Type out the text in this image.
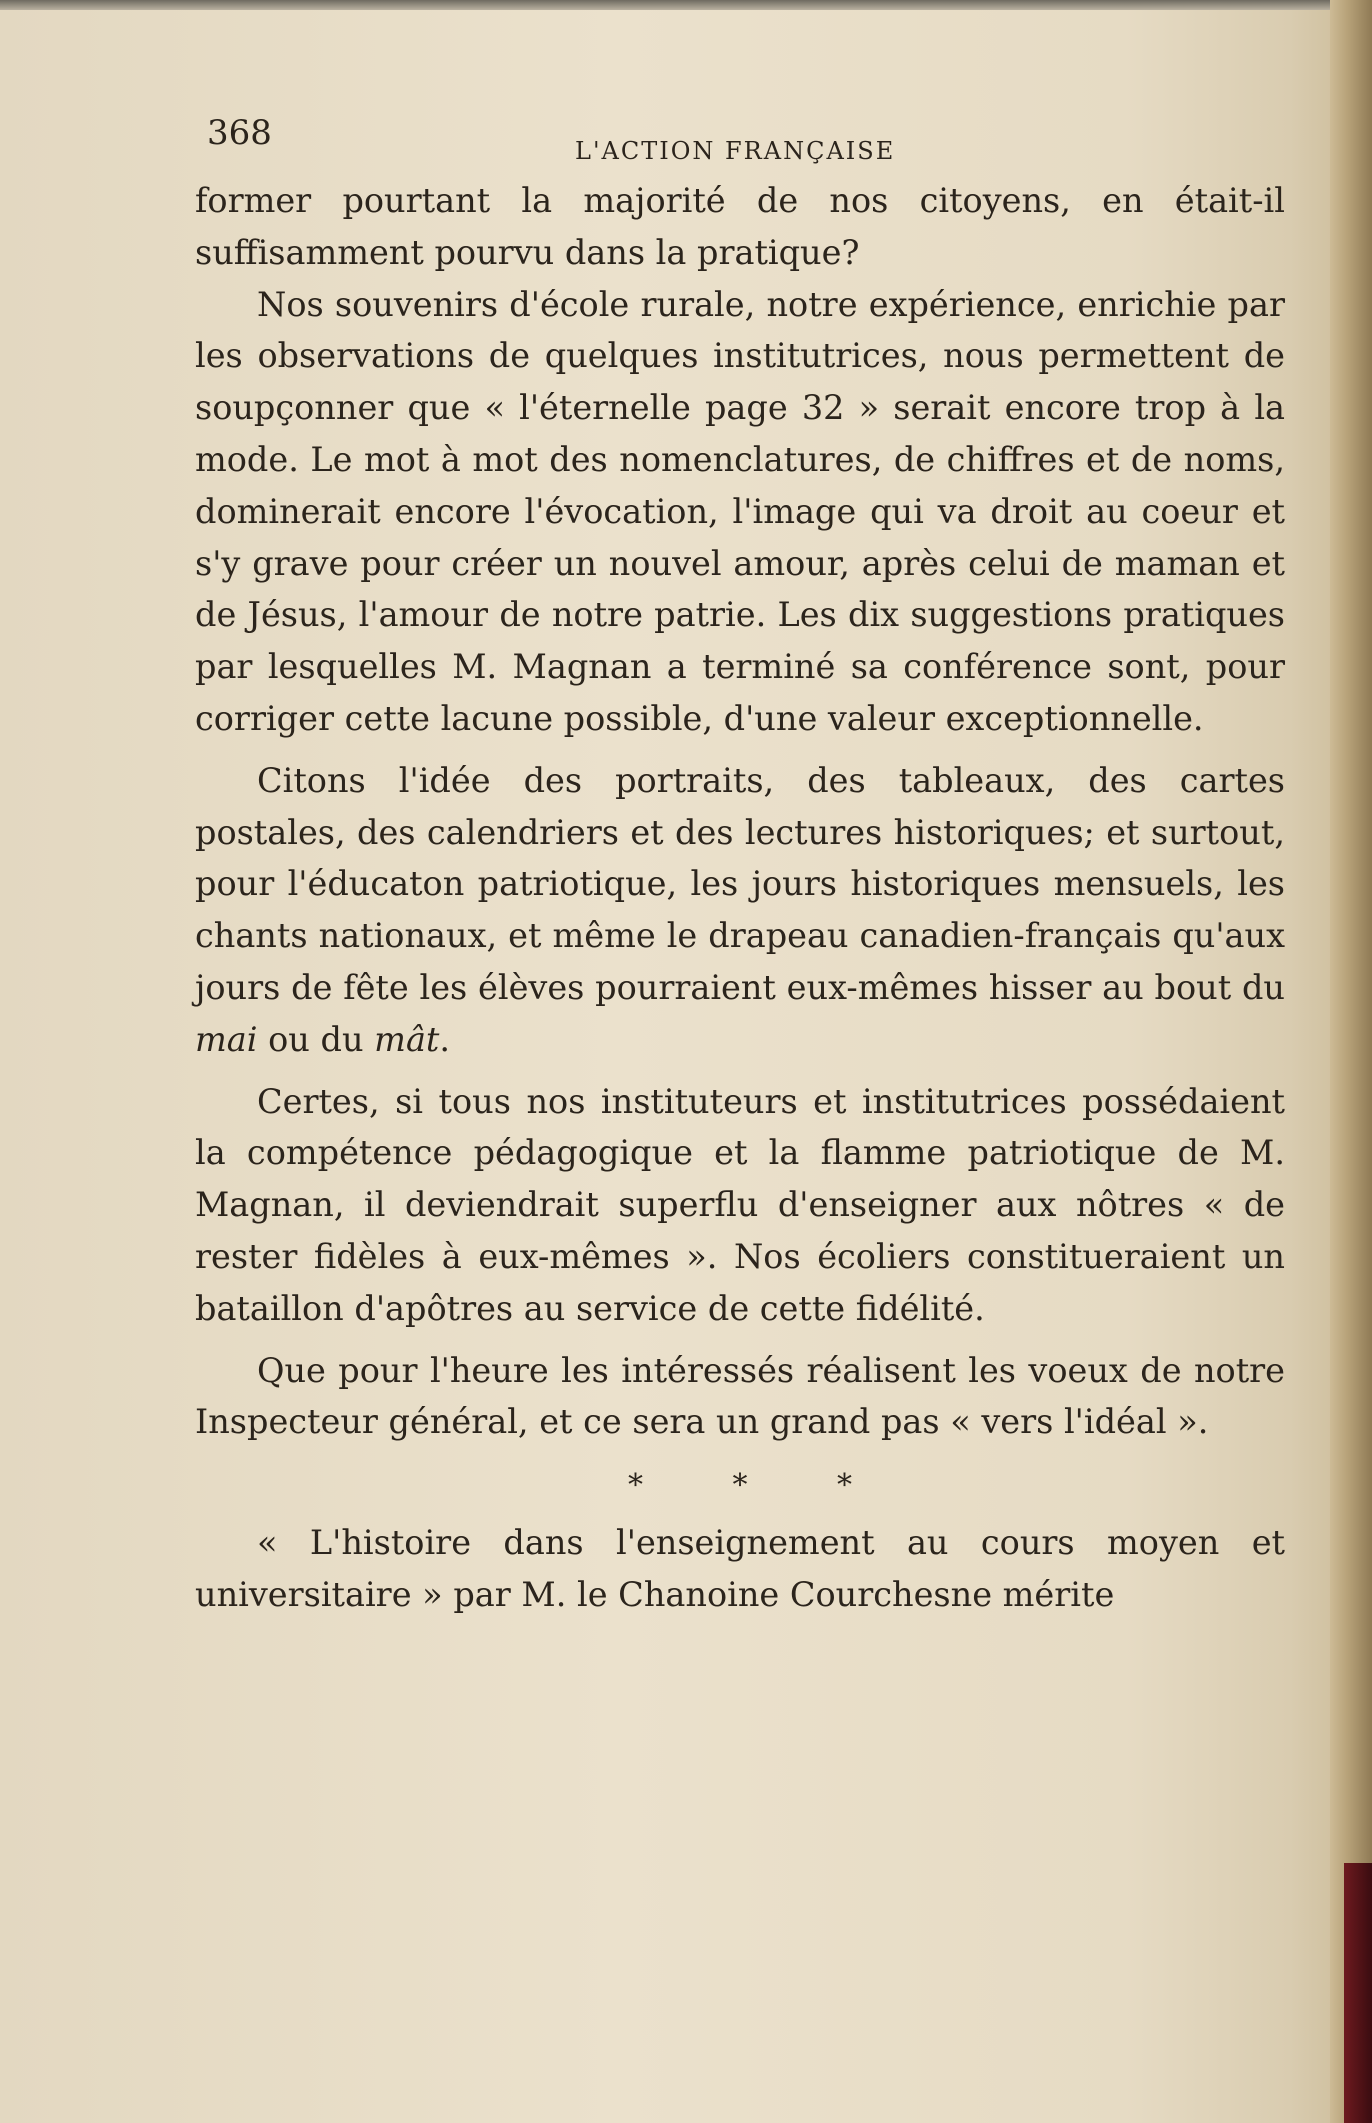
368	L'ACTION FRANÇAISE

former pourtant la majorité de nos citoyens, en était-il suffisamment pourvu dans la pratique?

Nos souvenirs d'école rurale, notre expérience, enrichie par les observations de quelques institutrices, nous permettent de soupçonner que « l'éternelle page 32 » serait encore trop à la mode. Le mot à mot des nomenclatures, de chiffres et de noms, dominerait encore l'évocation, l'image qui va droit au coeur et s'y grave pour créer un nouvel amour, après celui de maman et de Jésus, l'amour de notre patrie. Les dix suggestions pratiques par lesquelles M. Magnan a terminé sa conférence sont, pour corriger cette lacune possible, d'une valeur exceptionnelle.

Citons l'idée des portraits, des tableaux, des cartes postales, des calendriers et des lectures historiques; et surtout, pour l'éducaton patriotique, les jours historiques mensuels, les chants nationaux, et même le drapeau canadien-français qu'aux jours de fête les élèves pourraient eux-mêmes hisser au bout du mai ou du mât.

Certes, si tous nos instituteurs et institutrices possédaient la compétence pédagogique et la flamme patriotique de M. Magnan, il deviendrait superflu d'enseigner aux nôtres « de rester fidèles à eux-mêmes ». Nos écoliers constitueraient un bataillon d'apôtres au service de cette fidélité.

Que pour l'heure les intéressés réalisent les voeux de notre Inspecteur général, et ce sera un grand pas « vers l'idéal ».

* * *

« L'histoire dans l'enseignement au cours moyen et universitaire » par M. le Chanoine Courchesne mérite
